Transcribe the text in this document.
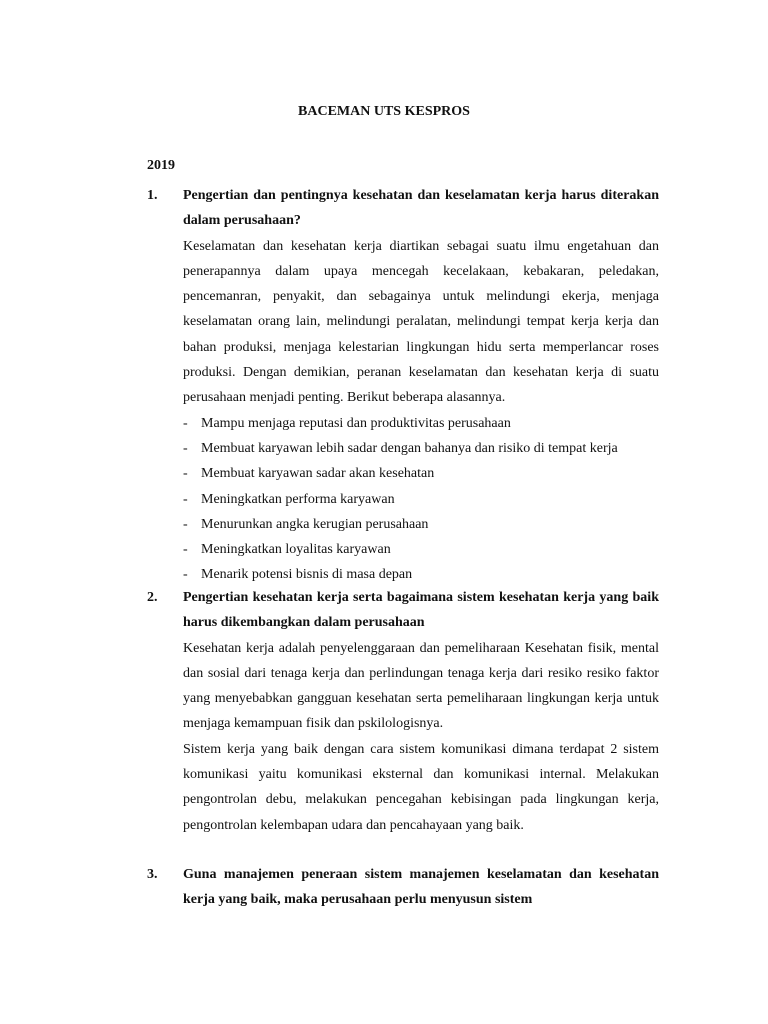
BACEMAN UTS KESPROS
2019
1. Pengertian dan pentingnya kesehatan dan keselamatan kerja harus diterakan dalam perusahaan?
Keselamatan dan kesehatan kerja diartikan sebagai suatu ilmu engetahuan dan penerapannya dalam upaya mencegah kecelakaan, kebakaran, peledakan, pencemanran, penyakit, dan sebagainya untuk melindungi ekerja, menjaga keselamatan orang lain, melindungi peralatan, melindungi tempat kerja kerja dan bahan produksi, menjaga kelestarian lingkungan hidu serta memperlancar roses produksi. Dengan demikian, peranan keselamatan dan kesehatan kerja di suatu perusahaan menjadi penting. Berikut beberapa alasannya.
- Mampu menjaga reputasi dan produktivitas perusahaan
- Membuat karyawan lebih sadar dengan bahanya dan risiko di tempat kerja
- Membuat karyawan sadar akan kesehatan
- Meningkatkan performa karyawan
- Menurunkan angka kerugian perusahaan
- Meningkatkan loyalitas karyawan
- Menarik potensi bisnis di masa depan
2. Pengertian kesehatan kerja serta bagaimana sistem kesehatan kerja yang baik harus dikembangkan dalam perusahaan
Kesehatan kerja adalah penyelenggaraan dan pemeliharaan Kesehatan fisik, mental dan sosial dari tenaga kerja dan perlindungan tenaga kerja dari resiko resiko faktor yang menyebabkan gangguan kesehatan serta pemeliharaan lingkungan kerja untuk menjaga kemampuan fisik dan pskilologisnya.
Sistem kerja yang baik dengan cara sistem komunikasi dimana terdapat 2 sistem komunikasi yaitu komunikasi eksternal dan komunikasi internal. Melakukan pengontrolan debu, melakukan pencegahan kebisingan pada lingkungan kerja, pengontrolan kelembapan udara dan pencahayaan yang baik.
3. Guna manajemen peneraan sistem manajemen keselamatan dan kesehatan kerja yang baik, maka perusahaan perlu menyusun sistem
